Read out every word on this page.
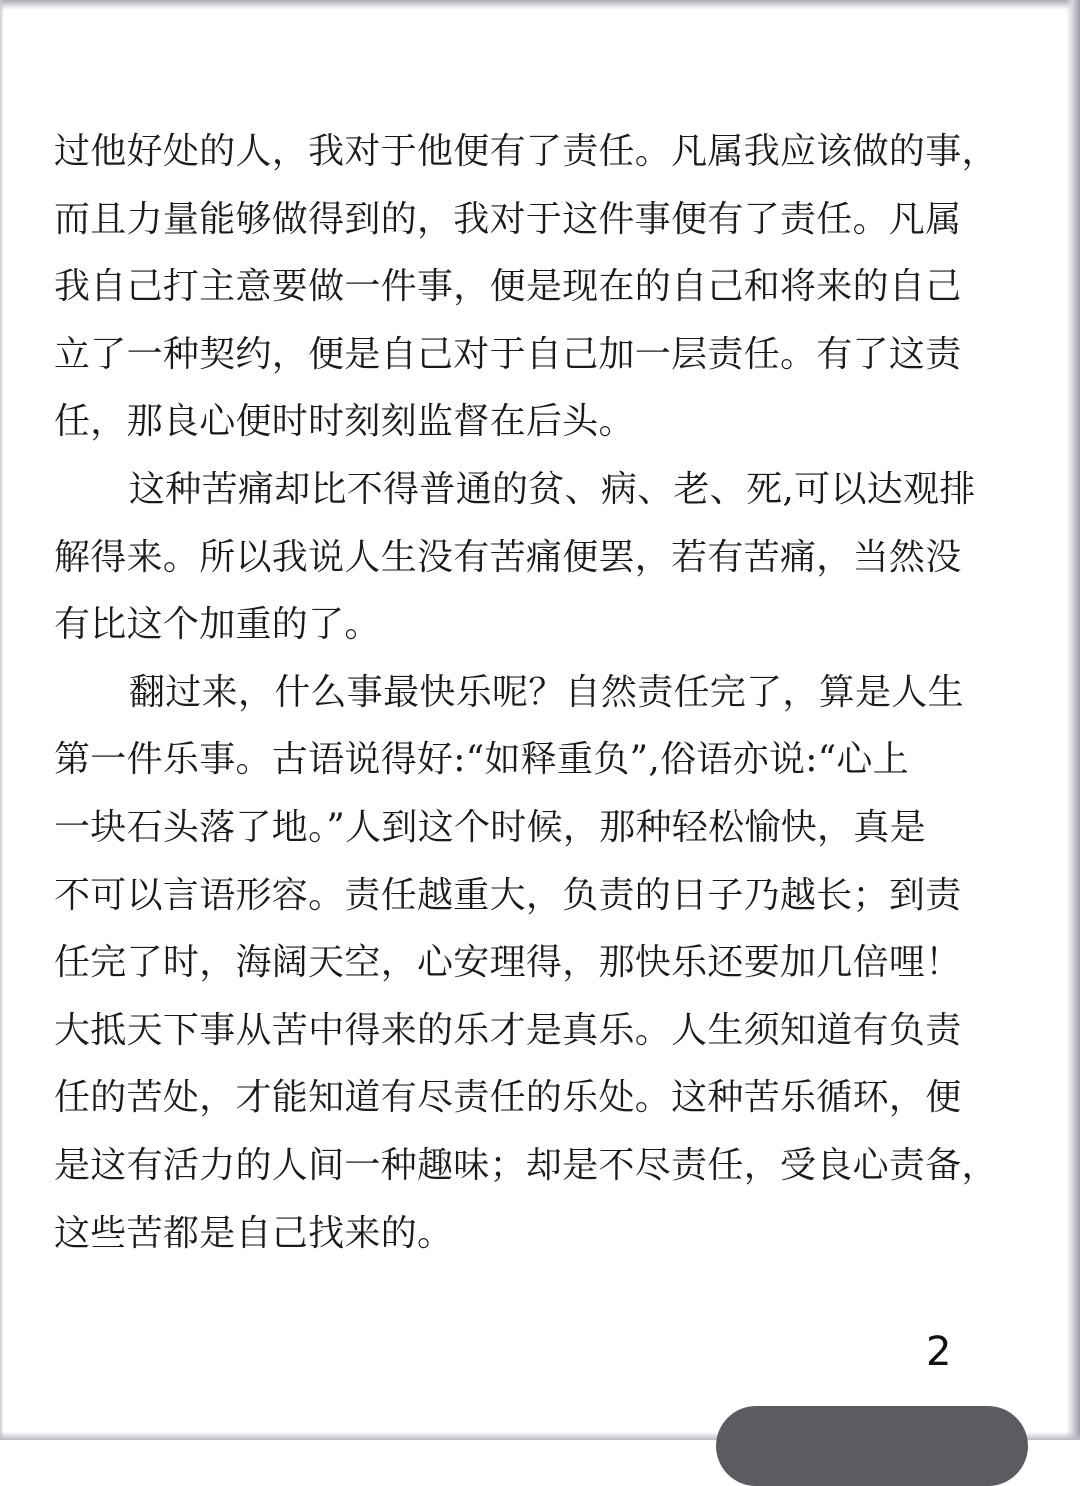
过他好处的人，我对于他便有了责任。凡属我应该做的事，
而且力量能够做得到的，我对于这件事便有了责任。凡属
我自己打主意要做一件事，便是现在的自己和将来的自己
立了一种契约，便是自己对于自己加一层责任。有了这责
任，那良心便时时刻刻监督在后头。
这种苦痛却比不得普通的贫、病、老、死,可以达观排
解得来。所以我说人生没有苦痛便罢，若有苦痛，当然没
有比这个加重的了。
翻过来，什么事最快乐呢？自然责任完了，算是人生
第一件乐事。古语说得好:“如释重负”,俗语亦说:“心上
一块石头落了地。”人到这个时候，那种轻松愉快，真是
不可以言语形容。责任越重大，负责的日子乃越长；到责
任完了时，海阔天空，心安理得，那快乐还要加几倍哩！
大抵天下事从苦中得来的乐才是真乐。人生须知道有负责
任的苦处，才能知道有尽责任的乐处。这种苦乐循环，便
是这有活力的人间一种趣味；却是不尽责任，受良心责备，
这些苦都是自己找来的。
2
